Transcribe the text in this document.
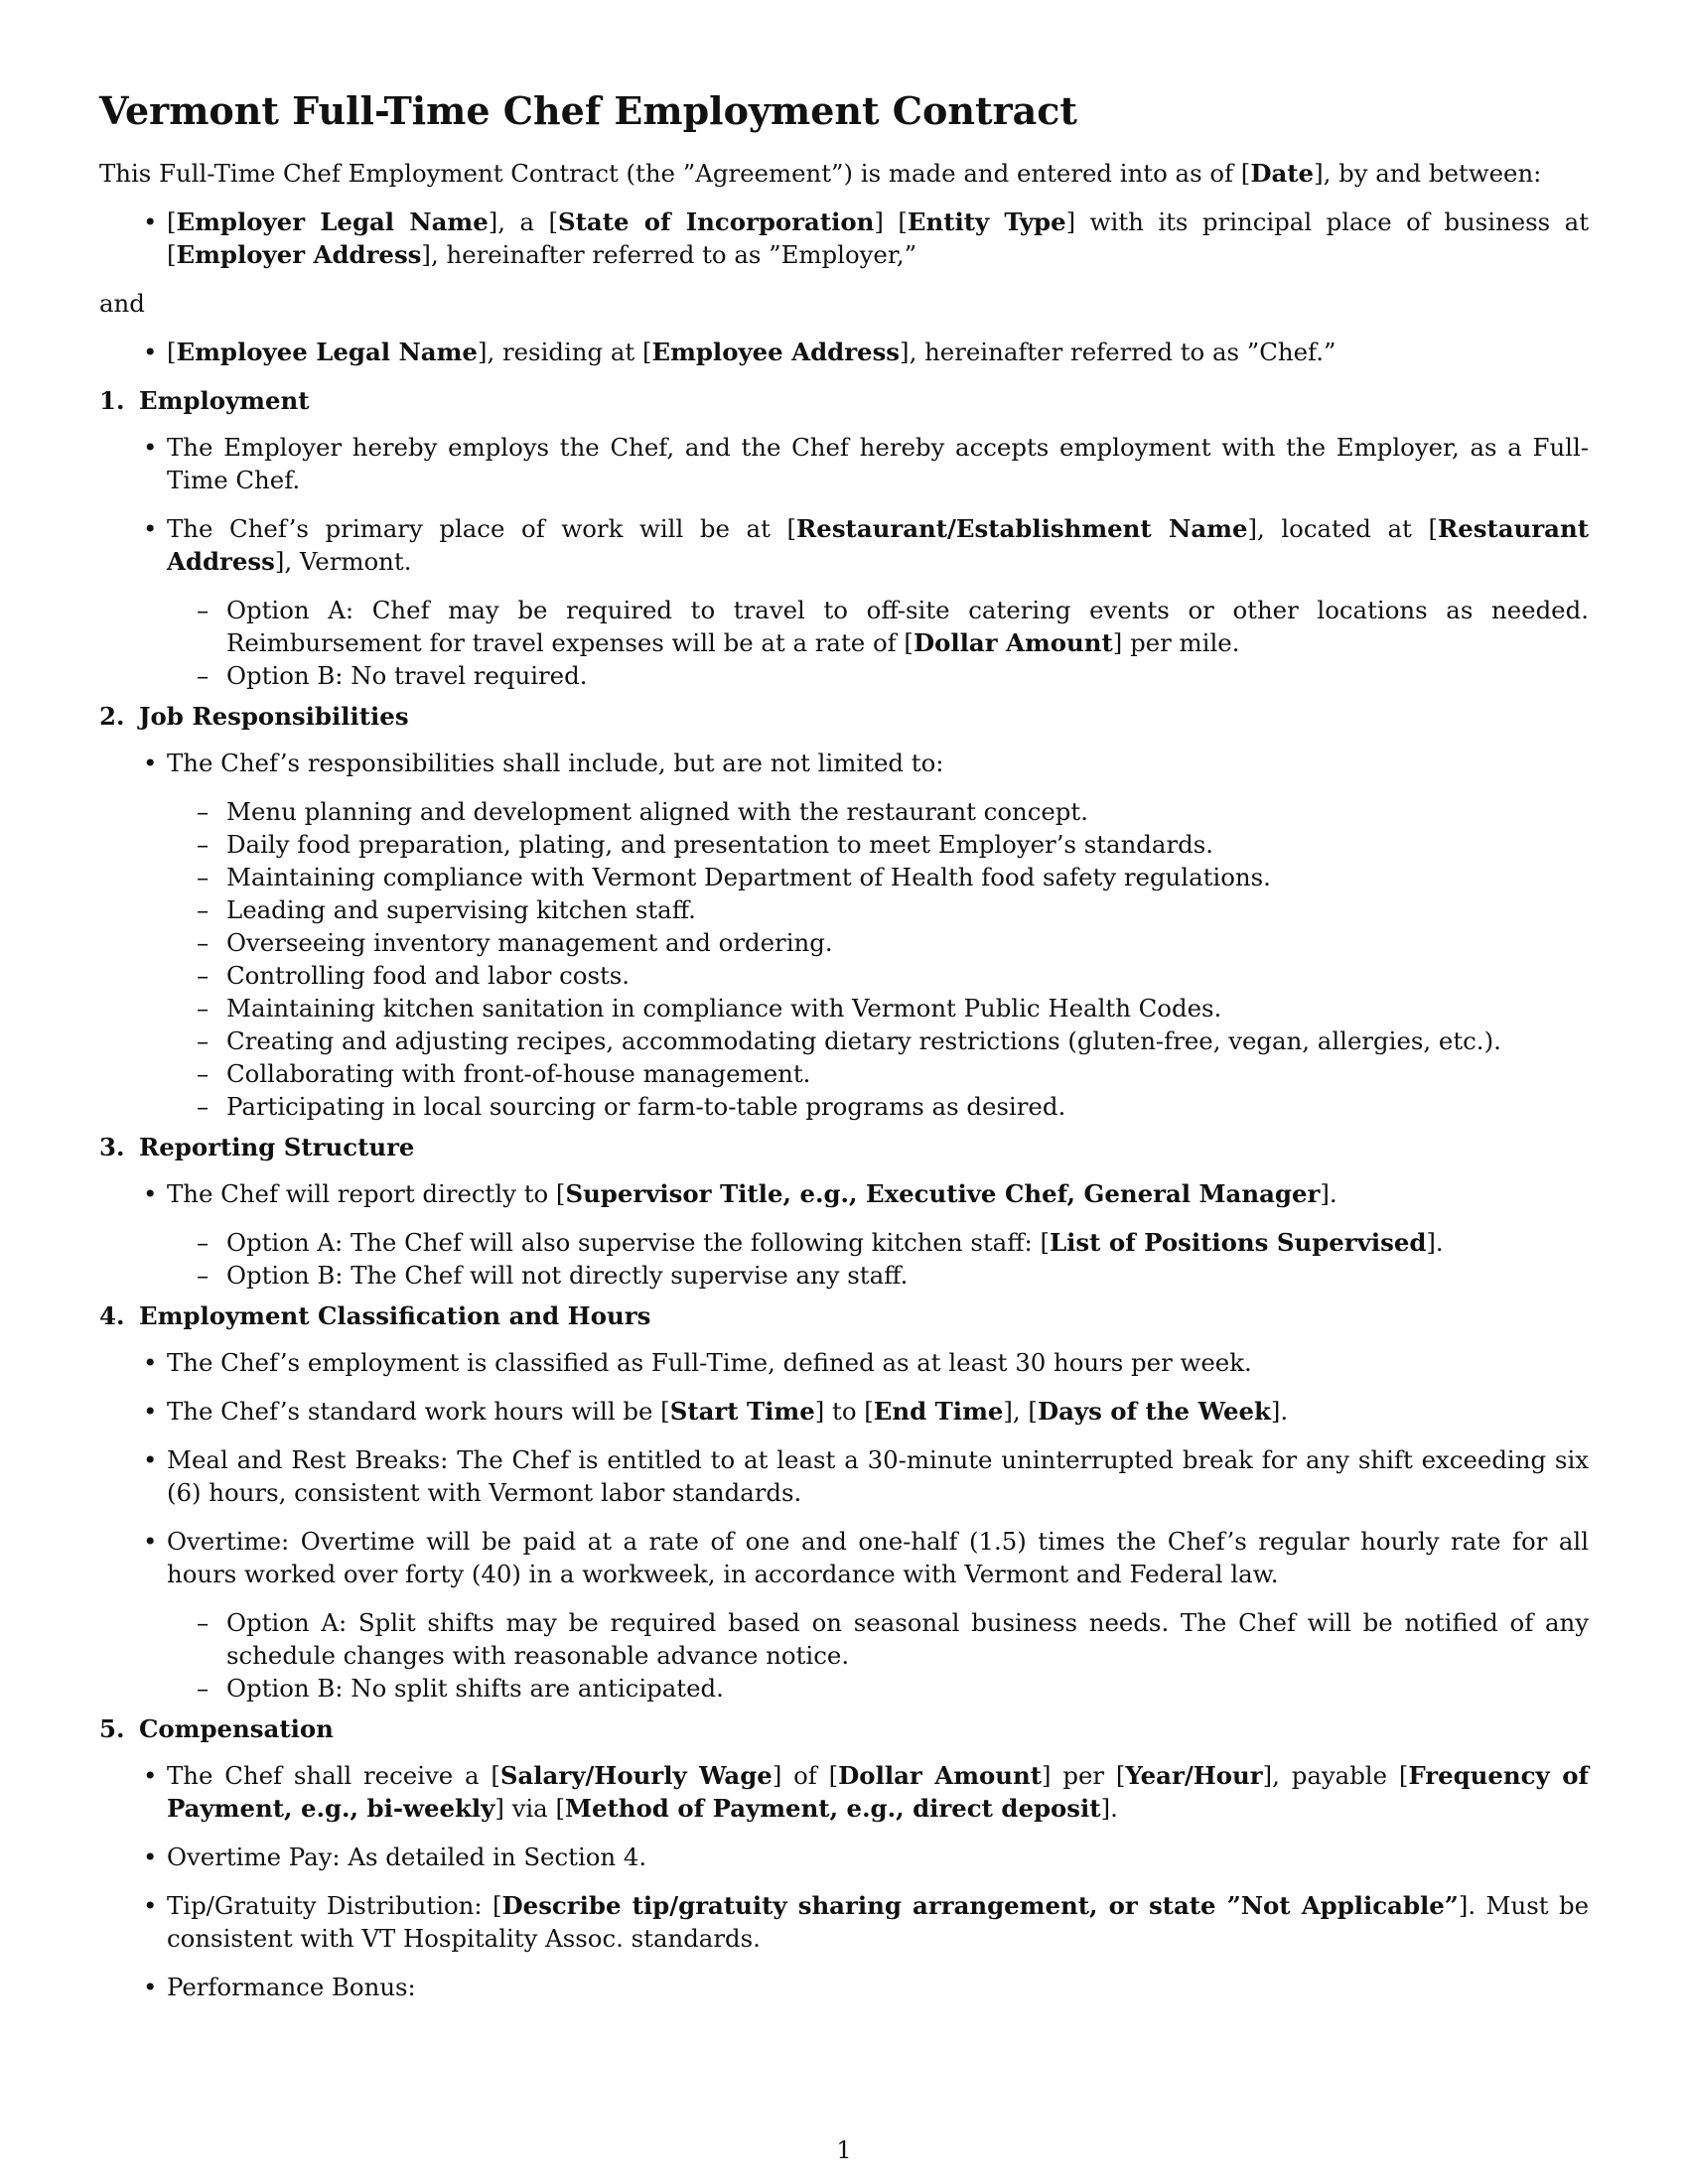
Vermont Full-Time Chef Employment Contract

This Full-Time Chef Employment Contract (the ”Agreement”) is made and entered into as of [Date], by and between:

• [Employer Legal Name], a [State of Incorporation] [Entity Type] with its principal place of business at [Employer Address], hereinafter referred to as ”Employer,”

and

• [Employee Legal Name], residing at [Employee Address], hereinafter referred to as ”Chef.”
1. Employment
• The Employer hereby employs the Chef, and the Chef hereby accepts employment with the Employer, as a Full-Time Chef.
• The Chef’s primary place of work will be at [Restaurant/Establishment Name], located at [Restaurant Address], Vermont.
– Option A: Chef may be required to travel to off-site catering events or other locations as needed. Reimbursement for travel expenses will be at a rate of [Dollar Amount] per mile.
– Option B: No travel required.
2. Job Responsibilities
• The Chef’s responsibilities shall include, but are not limited to:
– Menu planning and development aligned with the restaurant concept.
– Daily food preparation, plating, and presentation to meet Employer’s standards.
– Maintaining compliance with Vermont Department of Health food safety regulations.
– Leading and supervising kitchen staff.
– Overseeing inventory management and ordering.
– Controlling food and labor costs.
– Maintaining kitchen sanitation in compliance with Vermont Public Health Codes.
– Creating and adjusting recipes, accommodating dietary restrictions (gluten-free, vegan, allergies, etc.).
– Collaborating with front-of-house management.
– Participating in local sourcing or farm-to-table programs as desired.
3. Reporting Structure
• The Chef will report directly to [Supervisor Title, e.g., Executive Chef, General Manager].
– Option A: The Chef will also supervise the following kitchen staff: [List of Positions Supervised].
– Option B: The Chef will not directly supervise any staff.
4. Employment Classification and Hours
• The Chef’s employment is classified as Full-Time, defined as at least 30 hours per week.
• The Chef’s standard work hours will be [Start Time] to [End Time], [Days of the Week].
• Meal and Rest Breaks: The Chef is entitled to at least a 30-minute uninterrupted break for any shift exceeding six (6) hours, consistent with Vermont labor standards.
• Overtime: Overtime will be paid at a rate of one and one-half (1.5) times the Chef’s regular hourly rate for all hours worked over forty (40) in a workweek, in accordance with Vermont and Federal law.
– Option A: Split shifts may be required based on seasonal business needs. The Chef will be notified of any schedule changes with reasonable advance notice.
– Option B: No split shifts are anticipated.
5. Compensation
• The Chef shall receive a [Salary/Hourly Wage] of [Dollar Amount] per [Year/Hour], payable [Frequency of Payment, e.g., bi-weekly] via [Method of Payment, e.g., direct deposit].
• Overtime Pay: As detailed in Section 4.
• Tip/Gratuity Distribution: [Describe tip/gratuity sharing arrangement, or state ”Not Applicable”]. Must be consistent with VT Hospitality Assoc. standards.
• Performance Bonus:
1
